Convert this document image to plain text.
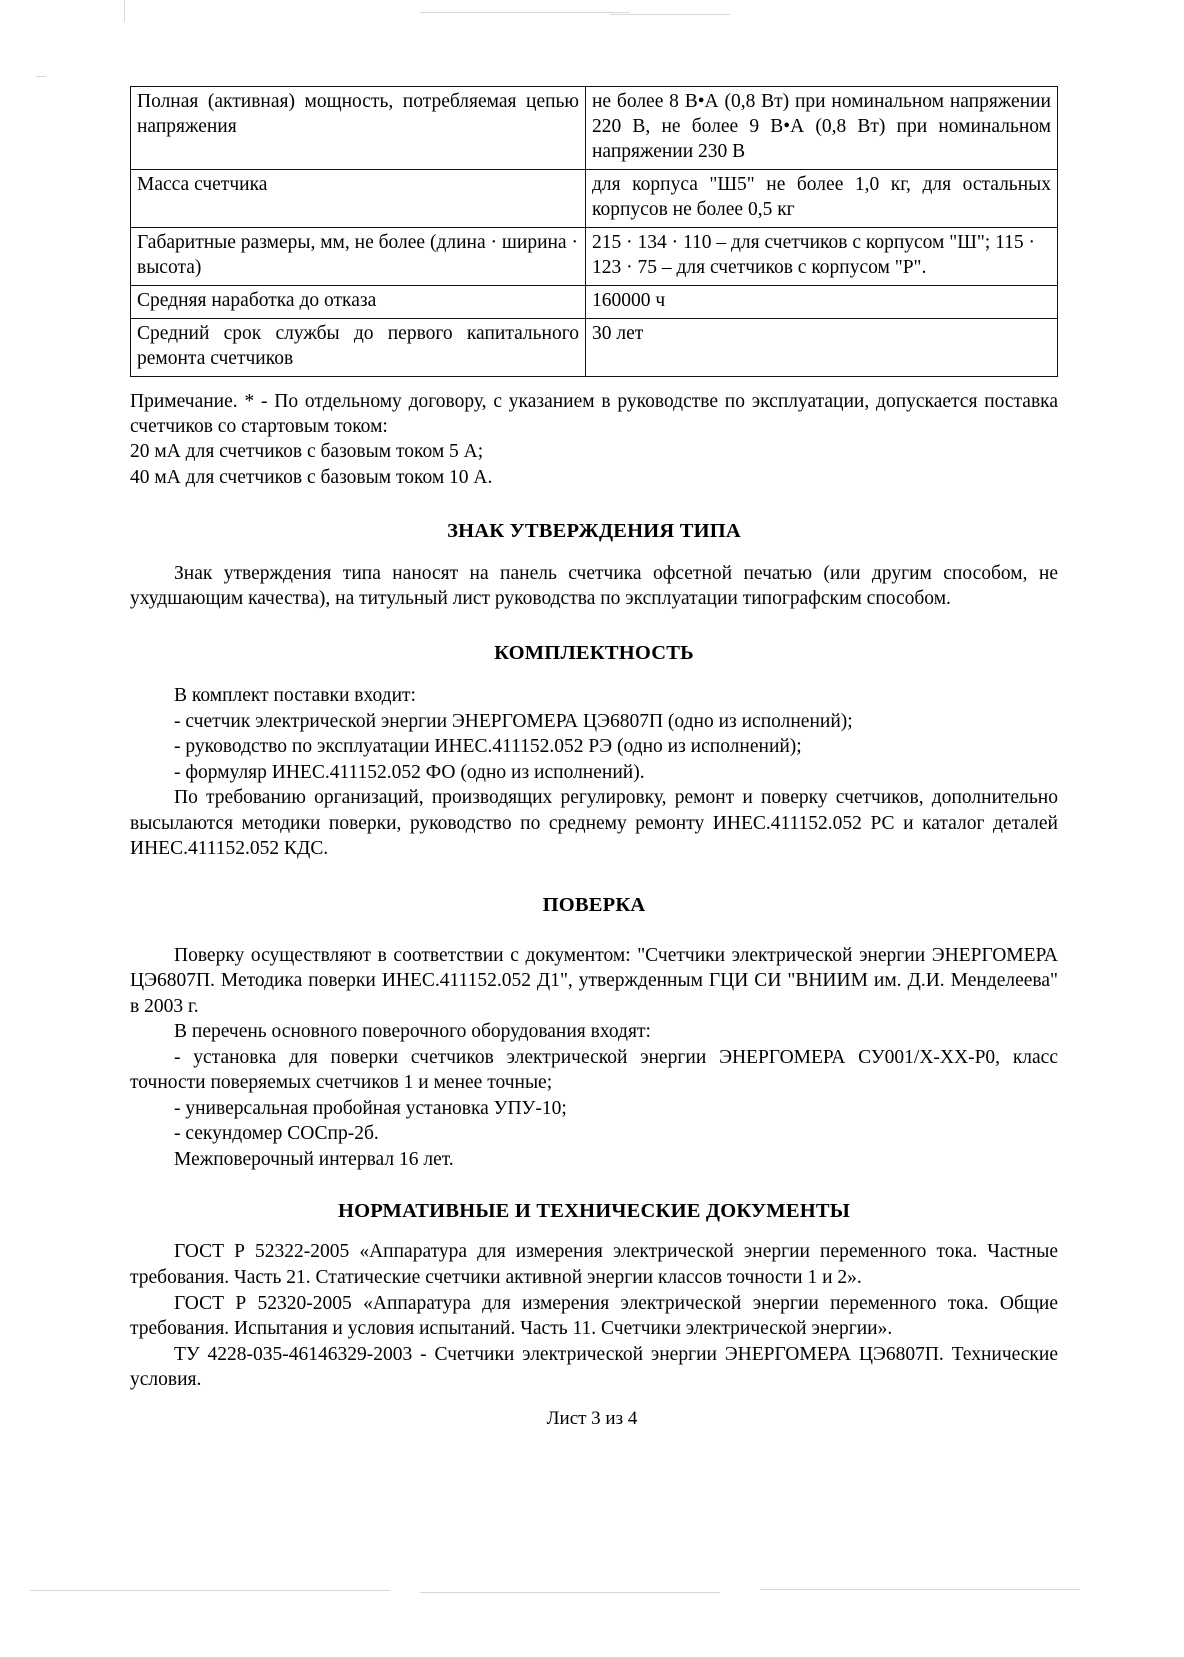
Полная (активная) мощность, потребляемая цепью напряжения	не более 8 В•А (0,8 Вт) при номинальном напряжении 220 В, не более 9 В•А (0,8 Вт) при номинальном напряжении 230 В
Масса счетчика	для корпуса "Ш5" не более 1,0 кг, для остальных корпусов не более 0,5 кг
Габаритные размеры, мм, не более (длина · ширина · высота)	215 · 134 · 110 – для счетчиков с корпусом "Ш"; 115 · 123 · 75 – для счетчиков с корпусом "Р".
Средняя наработка до отказа	160000 ч
Средний срок службы до первого капитального ремонта счетчиков	30 лет

Примечание. * - По отдельному договору, с указанием в руководстве по эксплуатации, допускается поставка счетчиков со стартовым током:

20 мА для счетчиков с базовым током 5 А;

40 мА для счетчиков с базовым током 10 А.

ЗНАК УТВЕРЖДЕНИЯ ТИПА

Знак утверждения типа наносят на панель счетчика офсетной печатью (или другим способом, не ухудшающим качества), на титульный лист руководства по эксплуатации типографским способом.

КОМПЛЕКТНОСТЬ

В комплект поставки входит:

- счетчик электрической энергии ЭНЕРГОМЕРА ЦЭ6807П (одно из исполнений);

- руководство по эксплуатации ИНЕС.411152.052 РЭ (одно из исполнений);

- формуляр ИНЕС.411152.052 ФО (одно из исполнений).

По требованию организаций, производящих регулировку, ремонт и поверку счетчиков, дополнительно высылаются методики поверки, руководство по среднему ремонту ИНЕС.411152.052 РС и каталог деталей ИНЕС.411152.052 КДС.

ПОВЕРКА

Поверку осуществляют в соответствии с документом: "Счетчики электрической энергии ЭНЕРГОМЕРА ЦЭ6807П. Методика поверки ИНЕС.411152.052 Д1", утвержденным ГЦИ СИ "ВНИИМ им. Д.И. Менделеева" в 2003 г.

В перечень основного поверочного оборудования входят:

- установка для поверки счетчиков электрической энергии ЭНЕРГОМЕРА СУ001/Х-ХХ-Р0, класс точности поверяемых счетчиков 1 и менее точные;

- универсальная пробойная установка УПУ-10;

- секундомер СОСпр-2б.

Межповерочный интервал 16 лет.

НОРМАТИВНЫЕ И ТЕХНИЧЕСКИЕ ДОКУМЕНТЫ

ГОСТ Р 52322-2005 «Аппаратура для измерения электрической энергии переменного тока. Частные требования. Часть 21. Статические счетчики активной энергии классов точности 1 и 2».

ГОСТ Р 52320-2005 «Аппаратура для измерения электрической энергии переменного тока. Общие требования. Испытания и условия испытаний. Часть 11. Счетчики электрической энергии».

ТУ 4228-035-46146329-2003 - Счетчики электрической энергии ЭНЕРГОМЕРА ЦЭ6807П. Технические условия.

Лист 3 из 4
